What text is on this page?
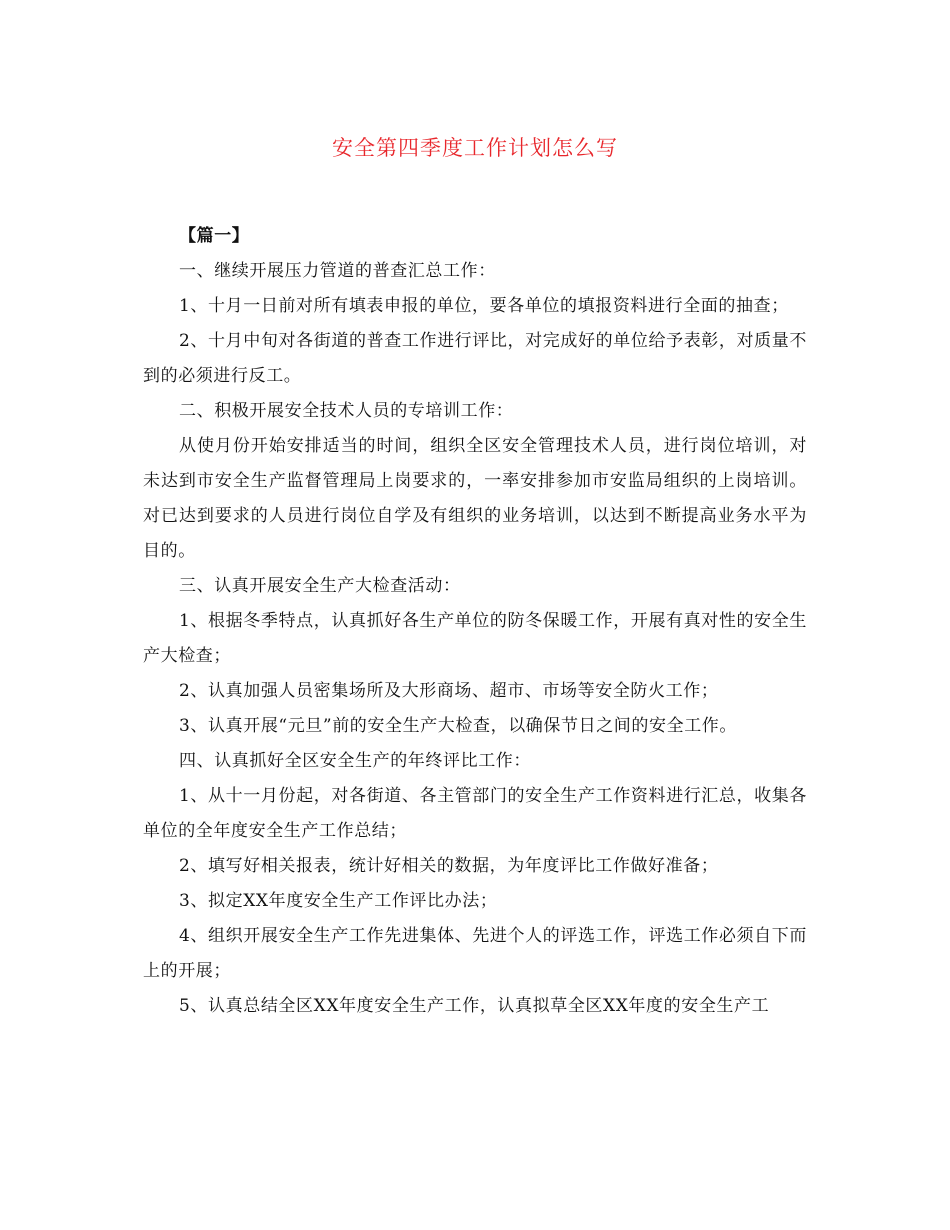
安全第四季度工作计划怎么写

【篇一】

一、继续开展压力管道的普查汇总工作：

1、十月一日前对所有填表申报的单位，要各单位的填报资料进行全面的抽查；

2、十月中旬对各街道的普查工作进行评比，对完成好的单位给予表彰，对质量不到的必须进行反工。

二、积极开展安全技术人员的专培训工作：

从使月份开始安排适当的时间，组织全区安全管理技术人员，进行岗位培训，对未达到市安全生产监督管理局上岗要求的，一率安排参加市安监局组织的上岗培训。对已达到要求的人员进行岗位自学及有组织的业务培训，以达到不断提高业务水平为目的。

三、认真开展安全生产大检查活动：

1、根据冬季特点，认真抓好各生产单位的防冬保暖工作，开展有真对性的安全生产大检查；

2、认真加强人员密集场所及大形商场、超市、市场等安全防火工作；

3、认真开展“元旦”前的安全生产大检查，以确保节日之间的安全工作。

四、认真抓好全区安全生产的年终评比工作：

1、从十一月份起，对各街道、各主管部门的安全生产工作资料进行汇总，收集各单位的全年度安全生产工作总结；

2、填写好相关报表，统计好相关的数据，为年度评比工作做好准备；

3、拟定XX年度安全生产工作评比办法；

4、组织开展安全生产工作先进集体、先进个人的评选工作，评选工作必须自下而上的开展；

5、认真总结全区XX年度安全生产工作，认真拟草全区XX年度的安全生产工
